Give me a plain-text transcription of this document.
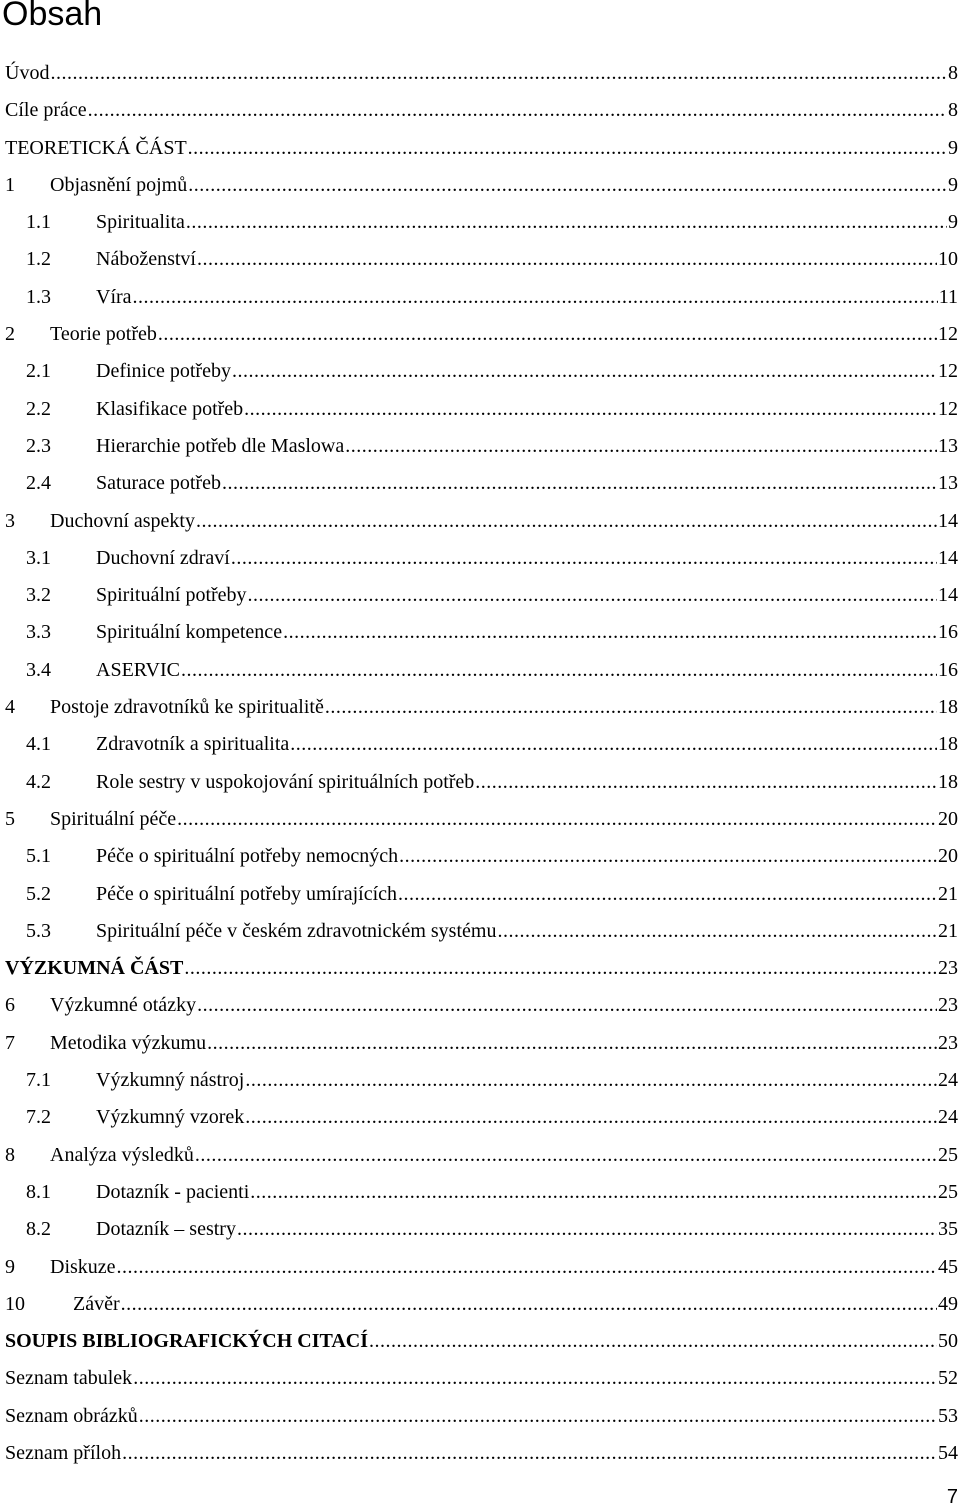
Obsah
Úvod .....	8
Cíle práce .....	8
TEORETICKÁ ČÁST .....	9
1	Objasnění pojmů .....	9
1.1	Spiritualita .....	9
1.2	Náboženství .....	10
1.3	Víra .....	11
2	Teorie potřeb .....	12
2.1	Definice potřeby .....	12
2.2	Klasifikace potřeb .....	12
2.3	Hierarchie potřeb dle Maslowa .....	13
2.4	Saturace potřeb .....	13
3	Duchovní aspekty .....	14
3.1	Duchovní zdraví .....	14
3.2	Spirituální potřeby .....	14
3.3	Spirituální kompetence .....	16
3.4	ASERVIC .....	16
4	Postoje zdravotníků ke spiritualitě .....	18
4.1	Zdravotník a spiritualita .....	18
4.2	Role sestry v uspokojování spirituálních potřeb .....	18
5	Spirituální péče .....	20
5.1	Péče o spirituální potřeby nemocných .....	20
5.2	Péče o spirituální potřeby umírajících .....	21
5.3	Spirituální péče v českém zdravotnickém systému .....	21
VÝZKUMNÁ ČÁST .....	23
6	Výzkumné otázky .....	23
7	Metodika výzkumu .....	23
7.1	Výzkumný nástroj .....	24
7.2	Výzkumný vzorek .....	24
8	Analýza výsledků .....	25
8.1	Dotazník - pacienti .....	25
8.2	Dotazník – sestry .....	35
9	Diskuze .....	45
10	Závěr .....	49
SOUPIS BIBLIOGRAFICKÝCH CITACÍ .....	50
Seznam tabulek .....	52
Seznam obrázků .....	53
Seznam příloh .....	54
7
